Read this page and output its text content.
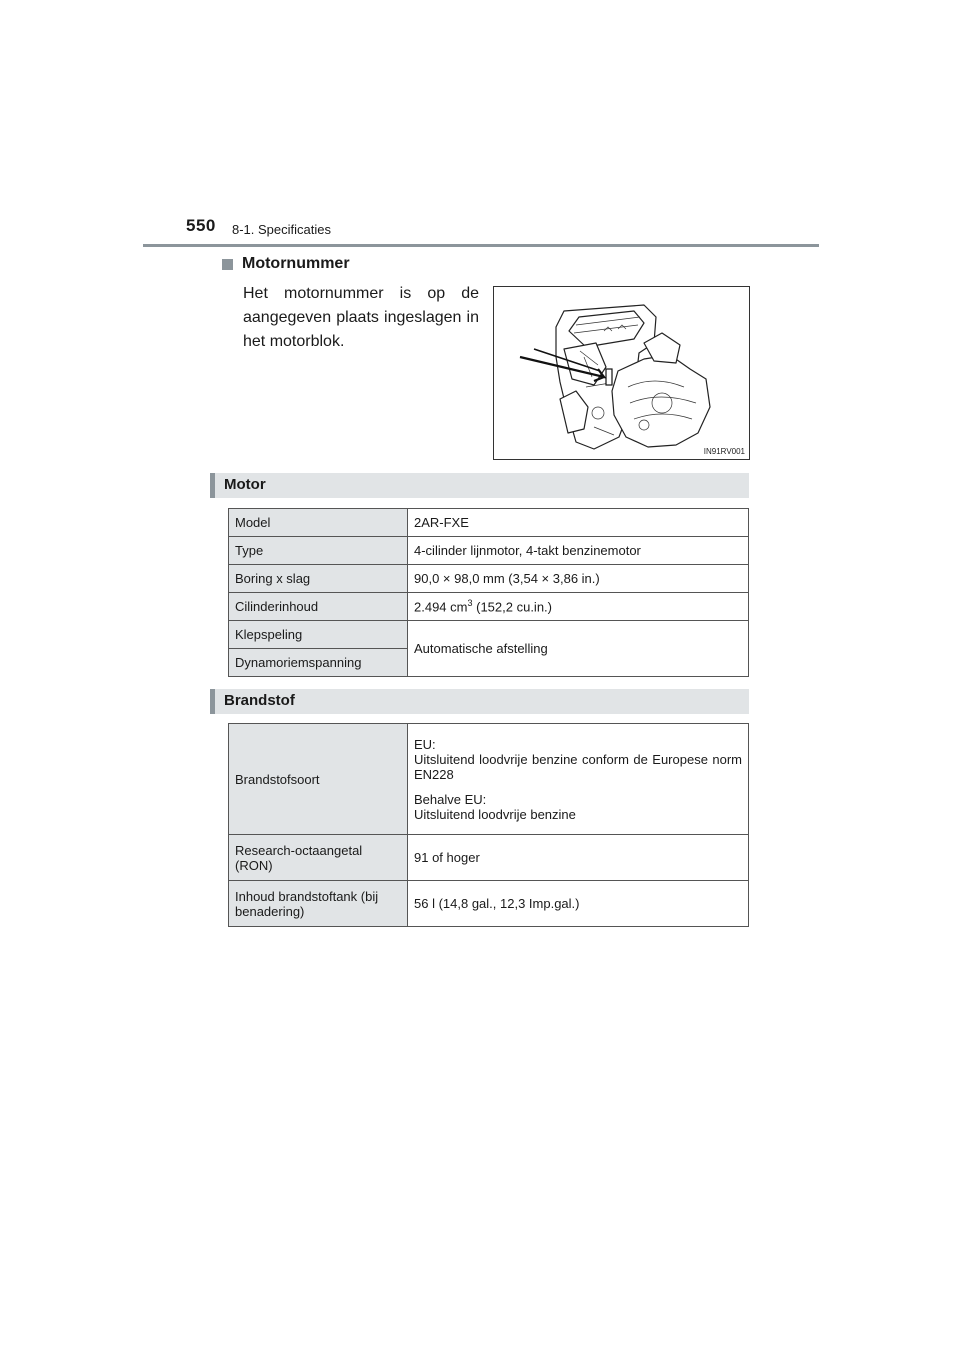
550 8-1. Specificaties
Motornummer

Het motornummer is op de aangegeven plaats ingeslagen in het motorblok.

IN91RV001
Motor
Model	2AR-FXE
Type	4-cilinder lijnmotor, 4-takt benzinemotor
Boring x slag	90,0 × 98,0 mm (3,54 × 3,86 in.)
Cilinderinhoud	2.494 $cm^3$ (152,2 cu.in.)
Klepspeling	Automatische afstelling
Dynamoriemspanning	
Brandstof
Brandstofsoort	EU:
Uitsluitend loodvrije benzine conform de Europese norm EN228

Behalve EU:
Uitsluitend loodvrije benzine

Research-octaangetal (RON)	91 of hoger
Inhoud brandstoftank (bij benadering)	56 l (14,8 gal., 12,3 Imp.gal.)
